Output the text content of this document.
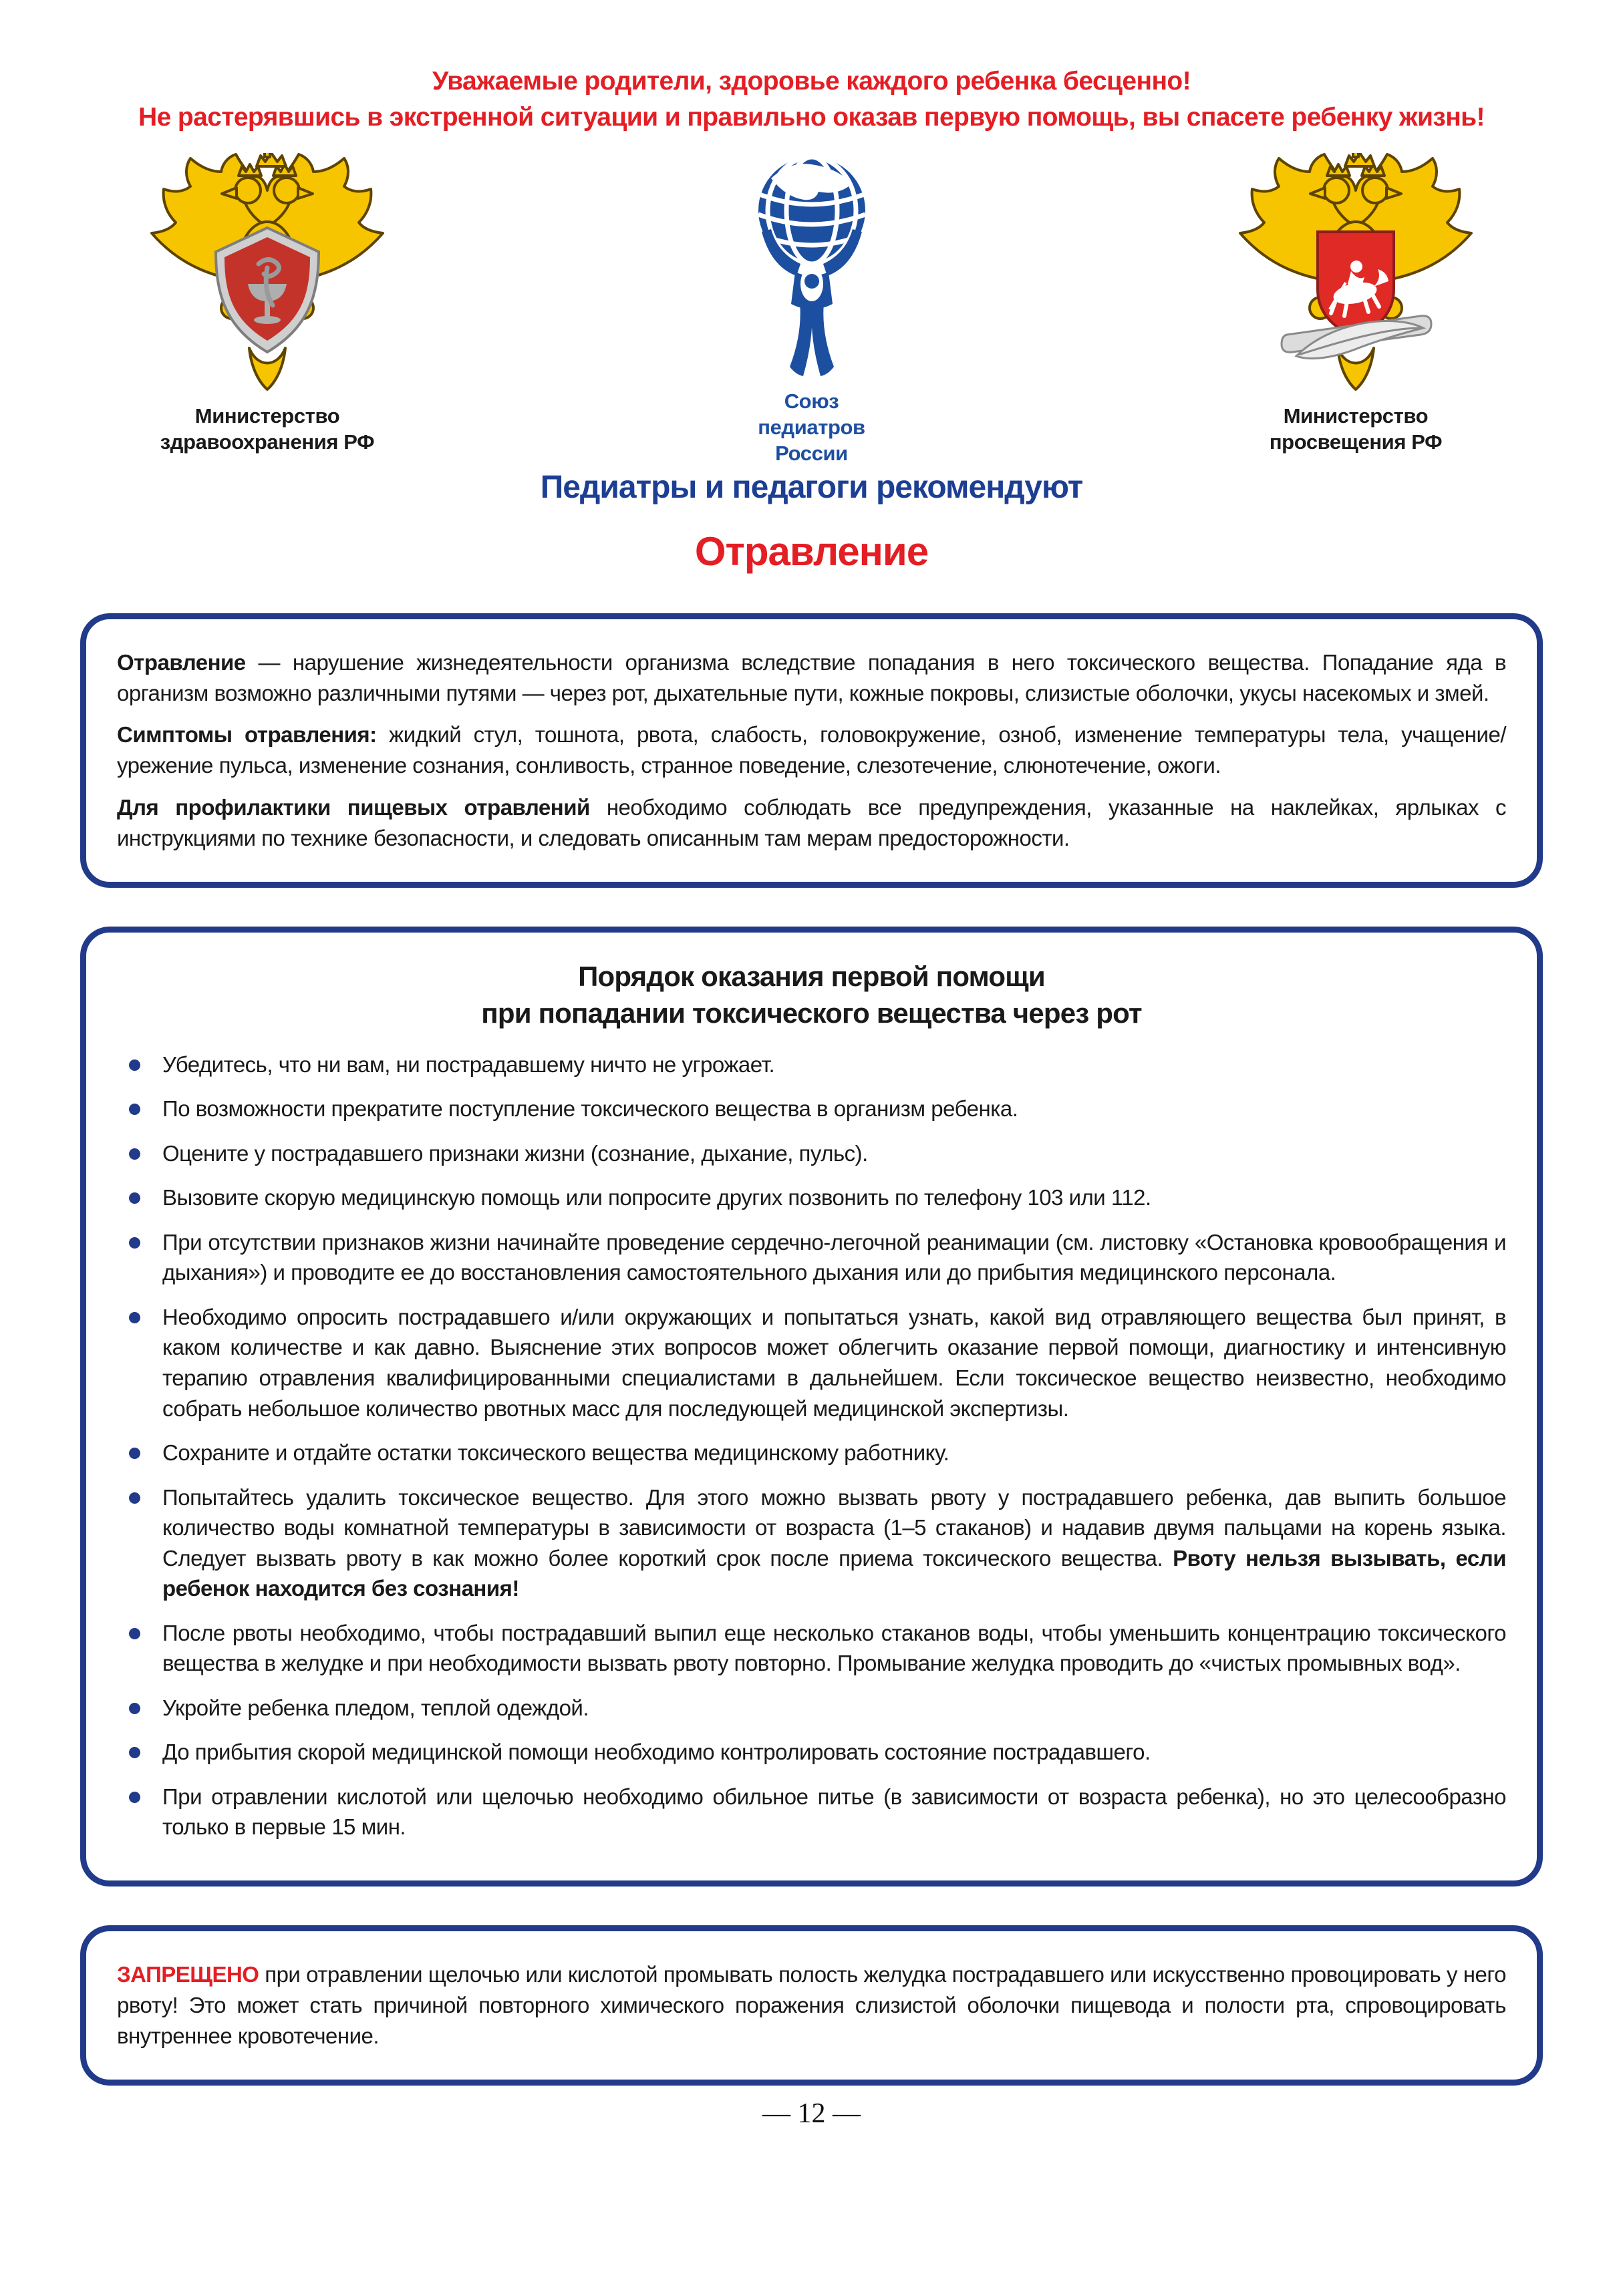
Уважаемые родители, здоровье каждого ребенка бесценно!
Не растерявшись в экстренной ситуации и правильно оказав первую помощь, вы спасете ребенку жизнь!
Министерство
здравоохранения РФ
Союз
педиатров
России
Министерство
просвещения РФ
Педиатры и педагоги рекомендуют
Отравление

Отравление — нарушение жизнедеятельности организма вследствие попадания в него токсического вещества. Попадание яда в организм возможно различными путями — через рот, дыхательные пути, кожные покровы, слизистые оболочки, укусы насекомых и змей.

Симптомы отравления: жидкий стул, тошнота, рвота, слабость, головокружение, озноб, изменение температуры тела, учащение/урежение пульса, изменение сознания, сонливость, странное поведение, слезотечение, слюнотечение, ожоги.

Для профилактики пищевых отравлений необходимо соблюдать все предупреждения, указанные на наклейках, ярлыках с инструкциями по технике безопасности, и следовать описанным там мерам предосторожности.

Порядок оказания первой помощи
при попадании токсического вещества через рот
Убедитесь, что ни вам, ни пострадавшему ничто не угрожает.
По возможности прекратите поступление токсического вещества в организм ребенка.
Оцените у пострадавшего признаки жизни (сознание, дыхание, пульс).
Вызовите скорую медицинскую помощь или попросите других позвонить по телефону 103 или 112.
При отсутствии признаков жизни начинайте проведение сердечно-легочной реанимации (см. листовку «Остановка кровообращения и дыхания») и проводите ее до восстановления самостоятельного дыхания или до прибытия медицинского персонала.
Необходимо опросить пострадавшего и/или окружающих и попытаться узнать, какой вид отравляющего вещества был принят, в каком количестве и как давно. Выяснение этих вопросов может облегчить оказание первой помощи, диагностику и интенсивную терапию отравления квалифицированными специалистами в дальнейшем. Если токсическое вещество неизвестно, необходимо собрать небольшое количество рвотных масс для последующей медицинской экспертизы.
Сохраните и отдайте остатки токсического вещества медицинскому работнику.
Попытайтесь удалить токсическое вещество. Для этого можно вызвать рвоту у пострадавшего ребенка, дав выпить большое количество воды комнатной температуры в зависимости от возраста (1–5 стаканов) и надавив двумя пальцами на корень языка. Следует вызвать рвоту в как можно более короткий срок после приема токсического вещества. Рвоту нельзя вызывать, если ребенок находится без сознания!
После рвоты необходимо, чтобы пострадавший выпил еще несколько стаканов воды, чтобы уменьшить концентрацию токсического вещества в желудке и при необходимости вызвать рвоту повторно. Промывание желудка проводить до «чистых промывных вод».
Укройте ребенка пледом, теплой одеждой.
До прибытия скорой медицинской помощи необходимо контролировать состояние пострадавшего.
При отравлении кислотой или щелочью необходимо обильное питье (в зависимости от возраста ребенка), но это целесообразно только в первые 15 мин.

ЗАПРЕЩЕНО при отравлении щелочью или кислотой промывать полость желудка пострадавшего или искусственно провоцировать у него рвоту! Это может стать причиной повторного химического поражения слизистой оболочки пищевода и полости рта, спровоцировать внутреннее кровотечение.

— 12 —
